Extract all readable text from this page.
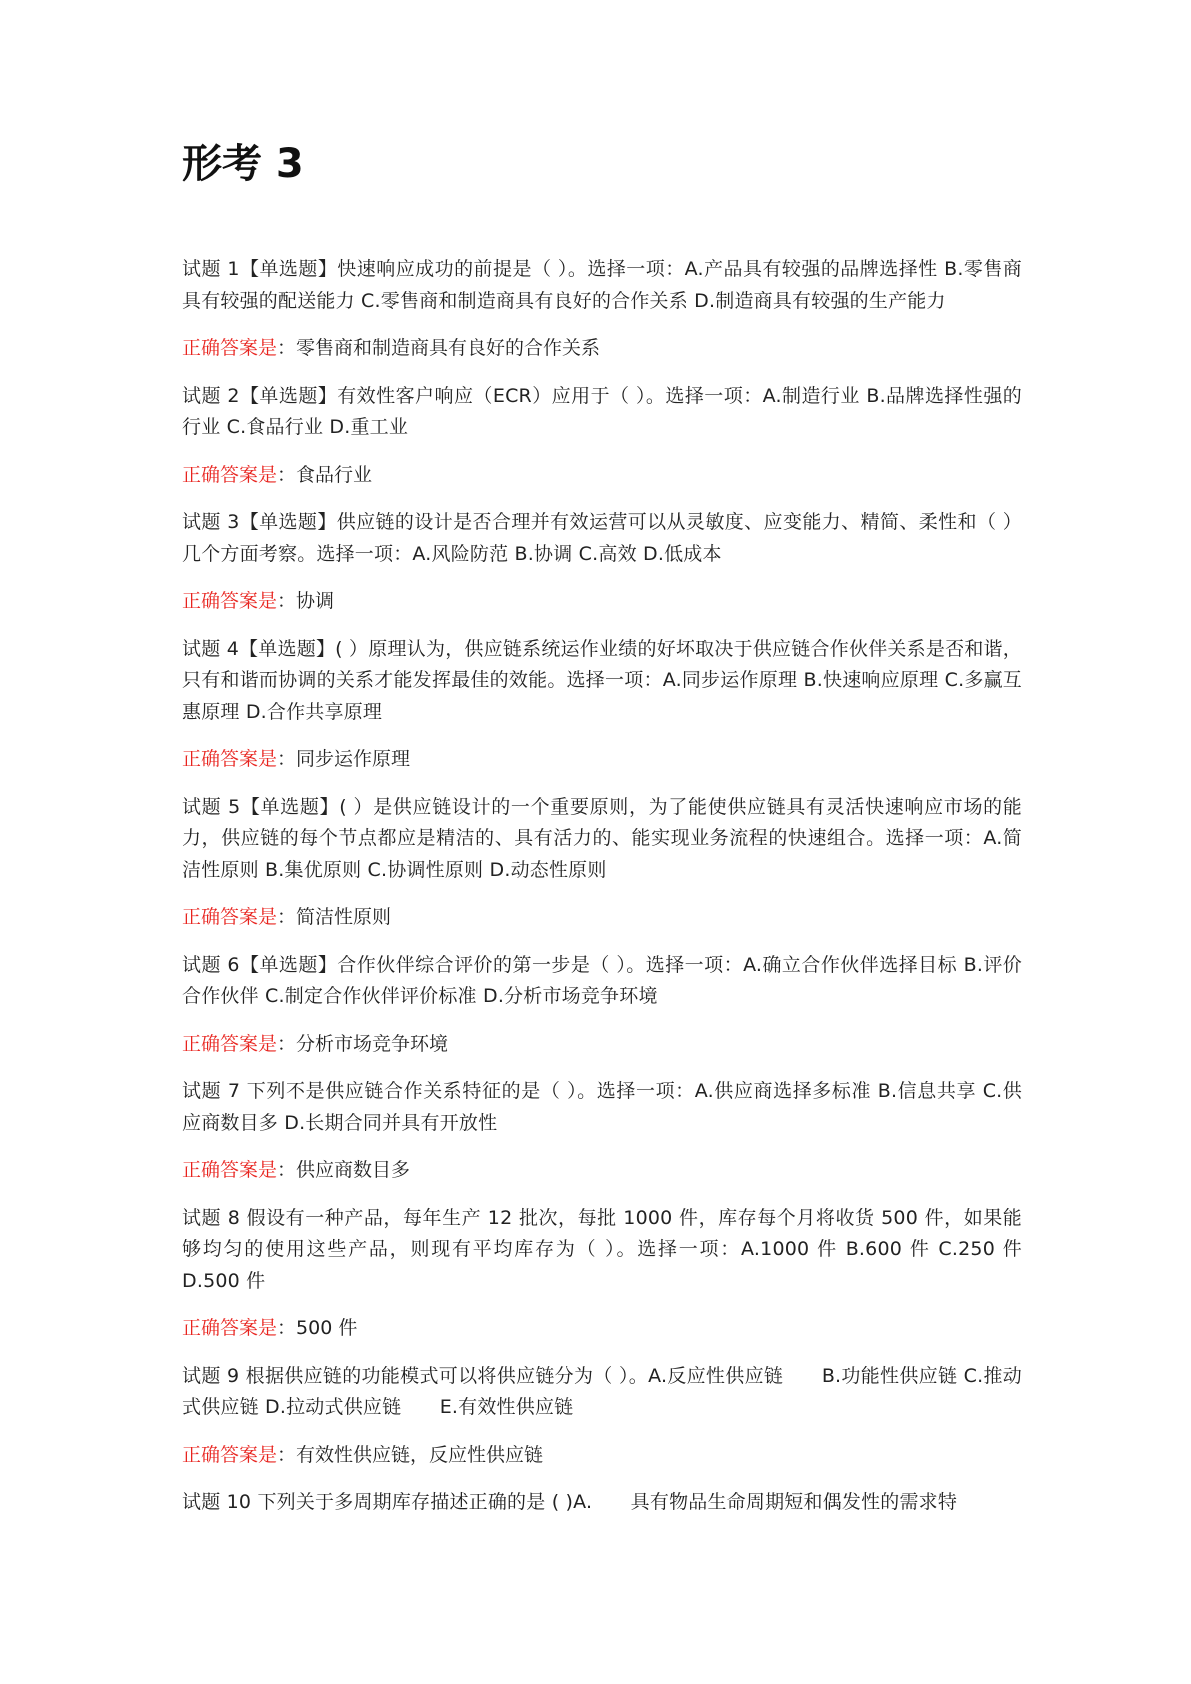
形考 3

试题 1【单选题】快速响应成功的前提是（ ）。选择一项：A.产品具有较强的品牌选择性 B.零售商具有较强的配送能力 C.零售商和制造商具有良好的合作关系 D.制造商具有较强的生产能力

正确答案是：零售商和制造商具有良好的合作关系

试题 2【单选题】有效性客户响应（ECR）应用于（ ）。选择一项：A.制造行业 B.品牌选择性强的行业 C.食品行业 D.重工业

正确答案是：食品行业

试题 3【单选题】供应链的设计是否合理并有效运营可以从灵敏度、应变能力、精简、柔性和（ ）几个方面考察。选择一项：A.风险防范 B.协调 C.高效 D.低成本

正确答案是：协调

试题 4【单选题】( ）原理认为，供应链系统运作业绩的好坏取决于供应链合作伙伴关系是否和谐，只有和谐而协调的关系才能发挥最佳的效能。选择一项：A.同步运作原理 B.快速响应原理 C.多赢互惠原理 D.合作共享原理

正确答案是：同步运作原理

试题 5【单选题】( ）是供应链设计的一个重要原则，为了能使供应链具有灵活快速响应市场的能力，供应链的每个节点都应是精洁的、具有活力的、能实现业务流程的快速组合。选择一项：A.简洁性原则 B.集优原则 C.协调性原则 D.动态性原则

正确答案是：简洁性原则

试题 6【单选题】合作伙伴综合评价的第一步是（ ）。选择一项：A.确立合作伙伴选择目标 B.评价合作伙伴 C.制定合作伙伴评价标准 D.分析市场竞争环境

正确答案是：分析市场竞争环境

试题 7 下列不是供应链合作关系特征的是（ ）。选择一项：A.供应商选择多标准 B.信息共享 C.供应商数目多 D.长期合同并具有开放性

正确答案是：供应商数目多

试题 8 假设有一种产品，每年生产 12 批次，每批 1000 件，库存每个月将收货 500 件，如果能够均匀的使用这些产品，则现有平均库存为（ ）。选择一项：A.1000 件 B.600 件 C.250 件 D.500 件

正确答案是：500 件

试题 9 根据供应链的功能模式可以将供应链分为（ ）。A.反应性供应链　　B.功能性供应链 C.推动式供应链 D.拉动式供应链　　E.有效性供应链

正确答案是：有效性供应链，反应性供应链

试题 10 下列关于多周期库存描述正确的是 ( )A.　　具有物品生命周期短和偶发性的需求特
